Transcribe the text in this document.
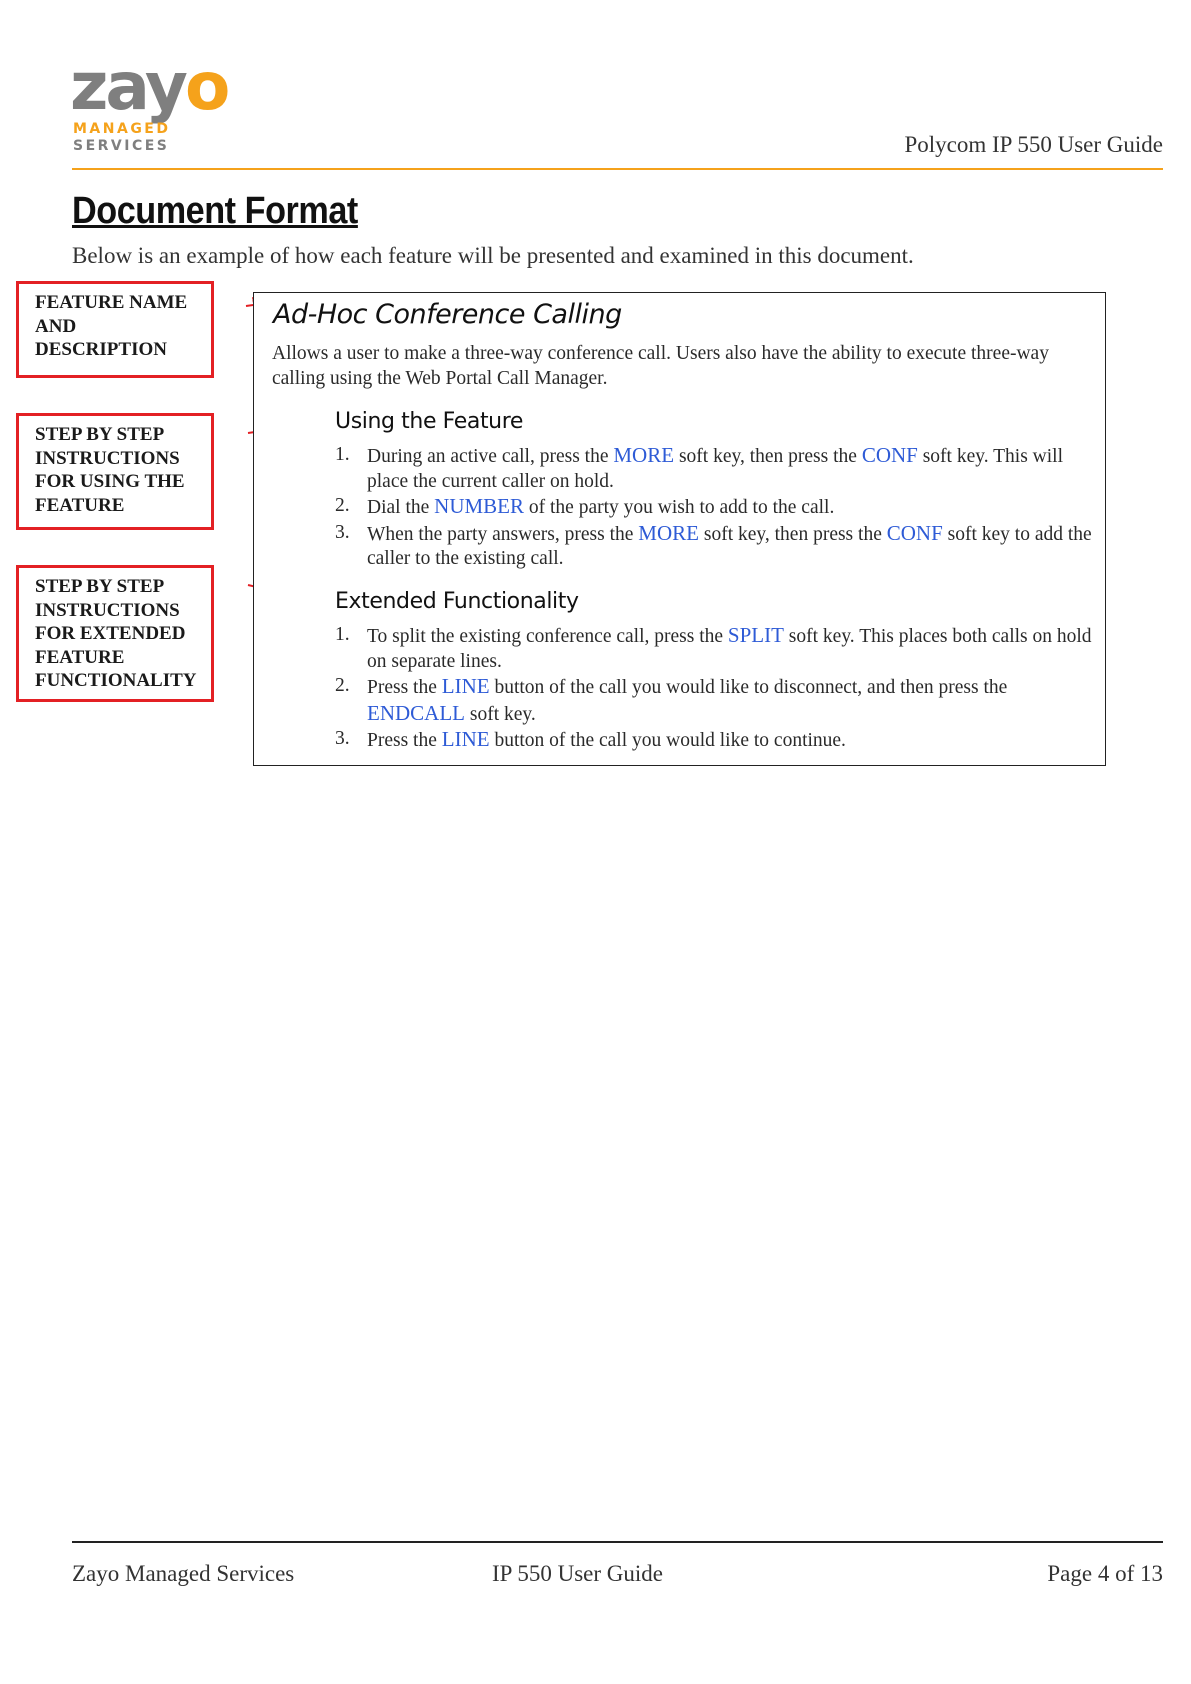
zayo
MANAGED
SERVICES	Polycom IP 550 User Guide
Document Format
Below is an example of how each feature will be presented and examined in this document.
FEATURE NAME
AND
DESCRIPTION
STEP BY STEP
INSTRUCTIONS
FOR USING THE
FEATURE
STEP BY STEP
INSTRUCTIONS
FOR EXTENDED
FEATURE
FUNCTIONALITY
Ad-Hoc Conference Calling
Allows a user to make a three-way conference call. Users also have the ability to execute three-way calling using the Web Portal Call Manager.
Using the Feature
1. During an active call, press the MORE soft key, then press the CONF soft key. This will place the current caller on hold.
2. Dial the NUMBER of the party you wish to add to the call.
3. When the party answers, press the MORE soft key, then press the CONF soft key to add the caller to the existing call.
Extended Functionality
1. To split the existing conference call, press the SPLIT soft key. This places both calls on hold on separate lines.
2. Press the LINE button of the call you would like to disconnect, and then press the ENDCALL soft key.
3. Press the LINE button of the call you would like to continue.
Zayo Managed Services	IP 550 User Guide	Page 4 of 13
